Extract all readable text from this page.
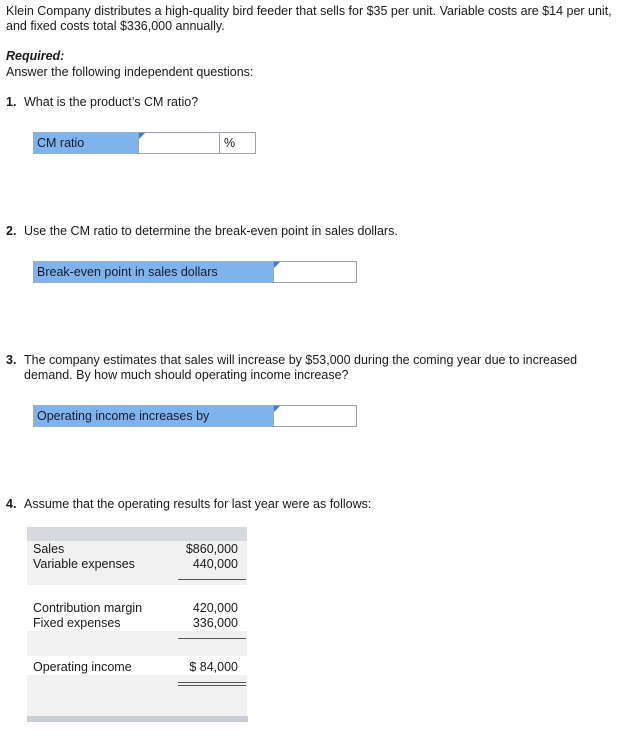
Klein Company distributes a high-quality bird feeder that sells for $35 per unit. Variable costs are $14 per unit, and fixed costs total $336,000 annually.
Required:
Answer the following independent questions:
1. What is the product’s CM ratio?
CM ratio	%
2. Use the CM ratio to determine the break-even point in sales dollars.
Break-even point in sales dollars
3. The company estimates that sales will increase by $53,000 during the coming year due to increased demand. By how much should operating income increase?
Operating income increases by
4. Assume that the operating results for last year were as follows:
Sales	$860,000
Variable expenses	440,000
Contribution margin	420,000
Fixed expenses	336,000
Operating income	$ 84,000
